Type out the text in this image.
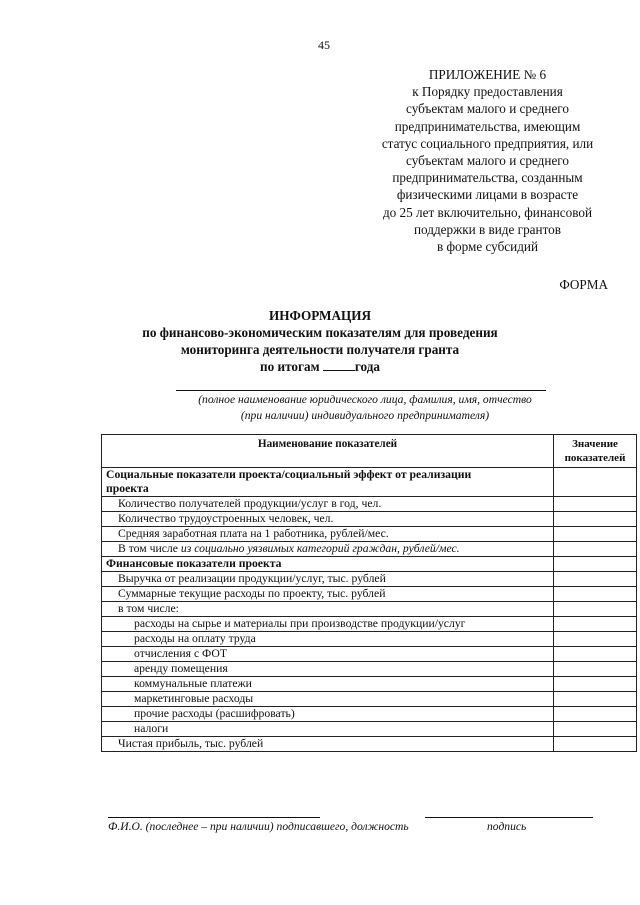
45
ПРИЛОЖЕНИЕ № 6
к Порядку предоставления
субъектам малого и среднего
предпринимательства, имеющим
статус социального предприятия, или
субъектам малого и среднего
предпринимательства, созданным
физическими лицами в возрасте
до 25 лет включительно, финансовой
поддержки в виде грантов
в форме субсидий
ФОРМА
ИНФОРМАЦИЯ
по финансово-экономическим показателям для проведения
мониторинга деятельности получателя гранта
по итогам года
(полное наименование юридического лица, фамилия, имя, отчество
(при наличии) индивидуального предпринимателя)
Наименование показателей	Значение
показателей
Социальные показатели проекта/социальный эффект от реализации
проекта	
Количество получателей продукции/услуг в год, чел.	
Количество трудоустроенных человек, чел.	
Средняя заработная плата на 1 работника, рублей/мес.	
В том числе из социально уязвимых категорий граждан, рублей/мес.	
Финансовые показатели проекта	
Выручка от реализации продукции/услуг, тыс. рублей	
Суммарные текущие расходы по проекту, тыс. рублей	
в том числе:	
расходы на сырье и материалы при производстве продукции/услуг	
расходы на оплату труда	
отчисления с ФОТ	
аренду помещения	
коммунальные платежи	
маркетинговые расходы	
прочие расходы (расшифровать)	
налоги	
Чистая прибыль, тыс. рублей	
Ф.И.О. (последнее – при наличии) подписавшего, должность	подпись
